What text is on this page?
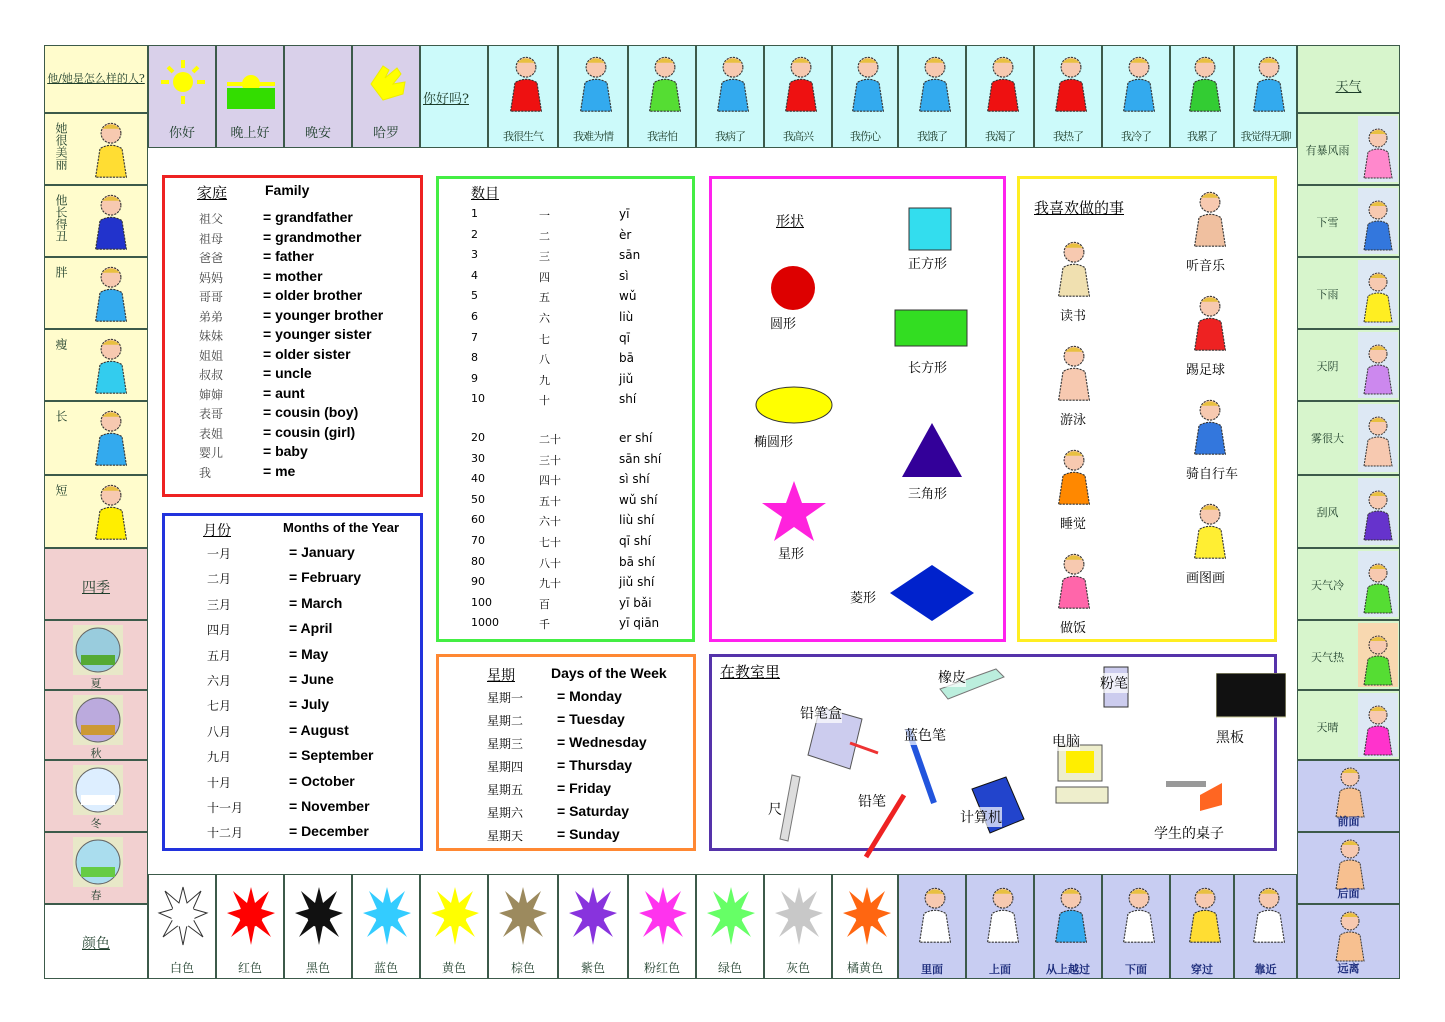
他/她是怎么样的人?
你好	晚上好	晚安	哈罗
你好吗?
我很生气	我难为情	我害怕	我病了	我高兴	我伤心	我饿了	我渴了	我热了	我冷了	我累了	我觉得无聊
天气
她很美丽
他长得丑
胖
瘦
长
短
四季
夏
秋
冬
春
颜色
有暴风雨
下雪
下雨
天阴
雾很大
刮风
天气冷
天气热
天晴
前面
后面
远离
白色	红色	黑色	蓝色	黄色	棕色	紫色	粉红色	绿色	灰色	橘黄色	里面	上面	从上越过	下面	穿过	靠近
家庭	Family
祖父	= grandfather
祖母	= grandmother
爸爸	= father
妈妈	= mother
哥哥	= older brother
弟弟	= younger brother
妹妹	= younger sister
姐姐	= older sister
叔叔	= uncle
婶婶	= aunt
表哥	= cousin (boy)
表姐	= cousin (girl)
婴儿	= baby
我	= me
月份	Months of the Year
一月	= January
二月	= February
三月	= March
四月	= April
五月	= May
六月	= June
七月	= July
八月	= August
九月	= September
十月	= October
十一月	= November
十二月	= December
数目
1	一	yī
2	二	èr
3	三	sān
4	四	sì
5	五	wǔ
6	六	liù
7	七	qī
8	八	bā
9	九	jiǔ
10	十	shí
20	二十	er shí
30	三十	sān shí
40	四十	sì shí
50	五十	wǔ shí
60	六十	liù shí
70	七十	qī shí
80	八十	bā shí
90	九十	jiǔ shí
100	百	yī bǎi
1000	千	yī qiān
形状
圆形
正方形
长方形
椭圆形
三角形
星形
菱形
我喜欢做的事
读书
听音乐
游泳
踢足球
睡觉
骑自行车
做饭
画图画
星期	Days of the Week
星期一 = Monday
星期二 = Tuesday
星期三 = Wednesday
星期四 = Thursday
星期五 = Friday
星期六 = Saturday
星期天 = Sunday
在教室里
铅笔盒
橡皮
蓝色笔
粉笔
黑板
电脑
尺	铅笔
计算机
学生的桌子
